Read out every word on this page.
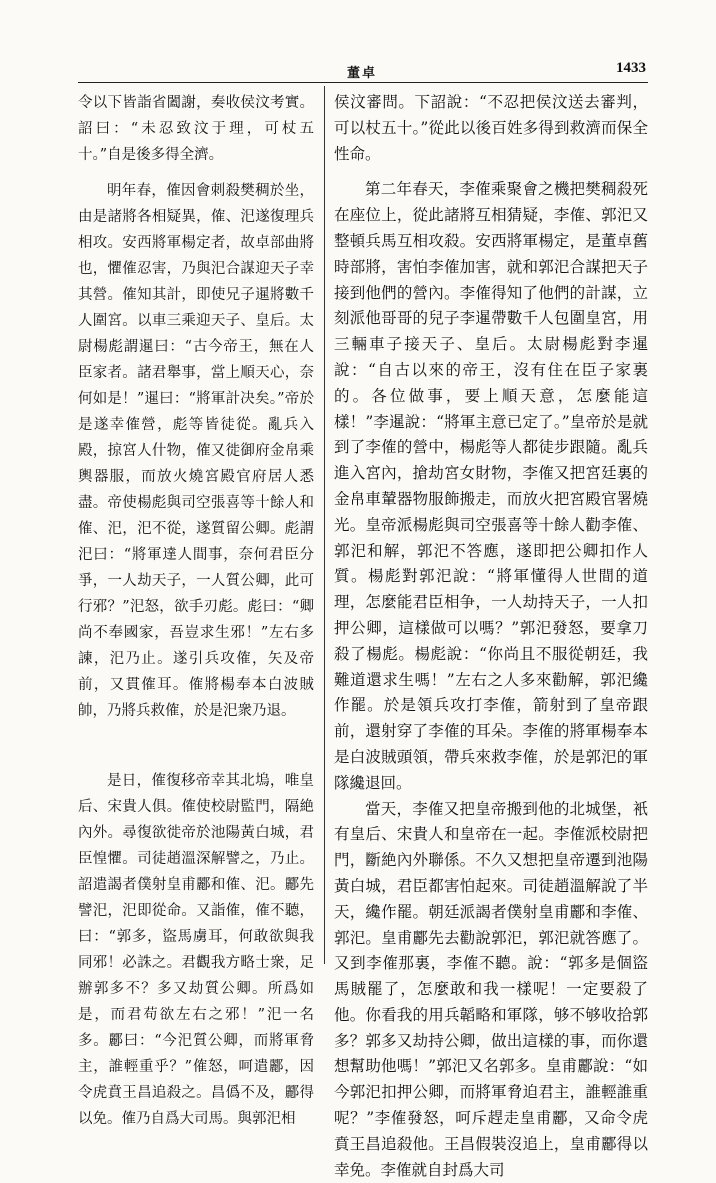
董卓	1433

令以下皆詣省闔謝，奏收侯汶考實。詔曰：“未忍致汶于理，可杖五十。”自是後多得全濟。

明年春，傕因會刺殺樊稠於坐，由是諸將各相疑異，傕、汜遂復理兵相攻。安西將軍楊定者，故卓部曲將也，懼傕忍害，乃與汜合謀迎天子幸其營。傕知其計，即使兄子暹將數千人圍宮。以車三乘迎天子、皇后。太尉楊彪謂暹曰：“古今帝王，無在人臣家者。諸君舉事，當上順天心，奈何如是！”暹曰：“將軍計决矣。”帝於是遂幸傕營，彪等皆徒從。亂兵入殿，掠宮人什物，傕又徙御府金帛乘輿器服，而放火燒宮殿官府居人悉盡。帝使楊彪與司空張喜等十餘人和傕、汜，汜不從，遂質留公卿。彪謂汜曰：“將軍達人間事，奈何君臣分爭，一人劫天子，一人質公卿，此可行邪？”汜怒，欲手刃彪。彪曰：“卿尚不奉國家，吾豈求生邪！”左右多諫，汜乃止。遂引兵攻傕，矢及帝前，又貫傕耳。傕將楊奉本白波賊帥，乃將兵救傕，於是汜衆乃退。

是日，傕復移帝幸其北塢，唯皇后、宋貴人俱。傕使校尉監門，隔絶內外。尋復欲徙帝於池陽黃白城，君臣惶懼。司徒趙溫深解譬之，乃止。詔遣謁者僕射皇甫酈和傕、汜。酈先譬汜，汜即從命。又詣傕，傕不聽，曰：“郭多，盜馬虜耳，何敢欲與我同邪！必誅之。君觀我方略士衆，足辦郭多不？多又劫質公卿。所爲如是，而君苟欲左右之邪！”汜一名多。酈曰：“今汜質公卿，而將軍脅主，誰輕重乎？”傕怒，呵遣酈，因令虎賁王昌追殺之。昌僞不及，酈得以免。傕乃自爲大司馬。與郭汜相

侯汶審問。下詔說：“不忍把侯汶送去審判，可以杖五十。”從此以後百姓多得到救濟而保全性命。

第二年春天，李傕乘聚會之機把樊稠殺死在座位上，從此諸將互相猜疑，李傕、郭汜又整頓兵馬互相攻殺。安西將軍楊定，是董卓舊時部將，害怕李傕加害，就和郭汜合謀把天子接到他們的營內。李傕得知了他們的計謀，立刻派他哥哥的兒子李暹帶數千人包圍皇宮，用三輛車子接天子、皇后。太尉楊彪對李暹說：“自古以來的帝王，沒有住在臣子家裏的。各位做事，要上順天意，怎麼能這樣！”李暹說：“將軍主意已定了。”皇帝於是就到了李傕的營中，楊彪等人都徒步跟隨。亂兵進入宮內，搶劫宮女財物，李傕又把宮廷裏的金帛車輦器物服飾搬走，而放火把宮殿官署燒光。皇帝派楊彪與司空張喜等十餘人勸李傕、郭汜和解，郭汜不答應，遂即把公卿扣作人質。楊彪對郭汜說：“將軍懂得人世間的道理，怎麼能君臣相争，一人劫持天子，一人扣押公卿，這樣做可以嗎？”郭汜發怒，要拿刀殺了楊彪。楊彪說：“你尚且不服從朝廷，我難道還求生嗎！”左右之人多來勸解，郭汜纔作罷。於是領兵攻打李傕，箭射到了皇帝跟前，還射穿了李傕的耳朵。李傕的將軍楊奉本是白波賊頭領，帶兵來救李傕，於是郭汜的軍隊纔退回。

當天，李傕又把皇帝搬到他的北城堡，衹有皇后、宋貴人和皇帝在一起。李傕派校尉把門，斷絶內外聯係。不久又想把皇帝遷到池陽黃白城，君臣都害怕起來。司徒趙溫解說了半天，纔作罷。朝廷派謁者僕射皇甫酈和李傕、郭汜。皇甫酈先去勸說郭汜，郭汜就答應了。又到李傕那裏，李傕不聽。說：“郭多是個盜馬賊罷了，怎麼敢和我一樣呢！一定要殺了他。你看我的用兵韜略和軍隊，够不够收拾郭多？郭多又劫持公卿，做出這樣的事，而你還想幫助他嗎！”郭汜又名郭多。皇甫酈說：“如今郭汜扣押公卿，而將軍脅迫君主，誰輕誰重呢？”李傕發怒，呵斥趕走皇甫酈，又命令虎賁王昌追殺他。王昌假裝沒追上，皇甫酈得以幸免。李傕就自封爲大司
